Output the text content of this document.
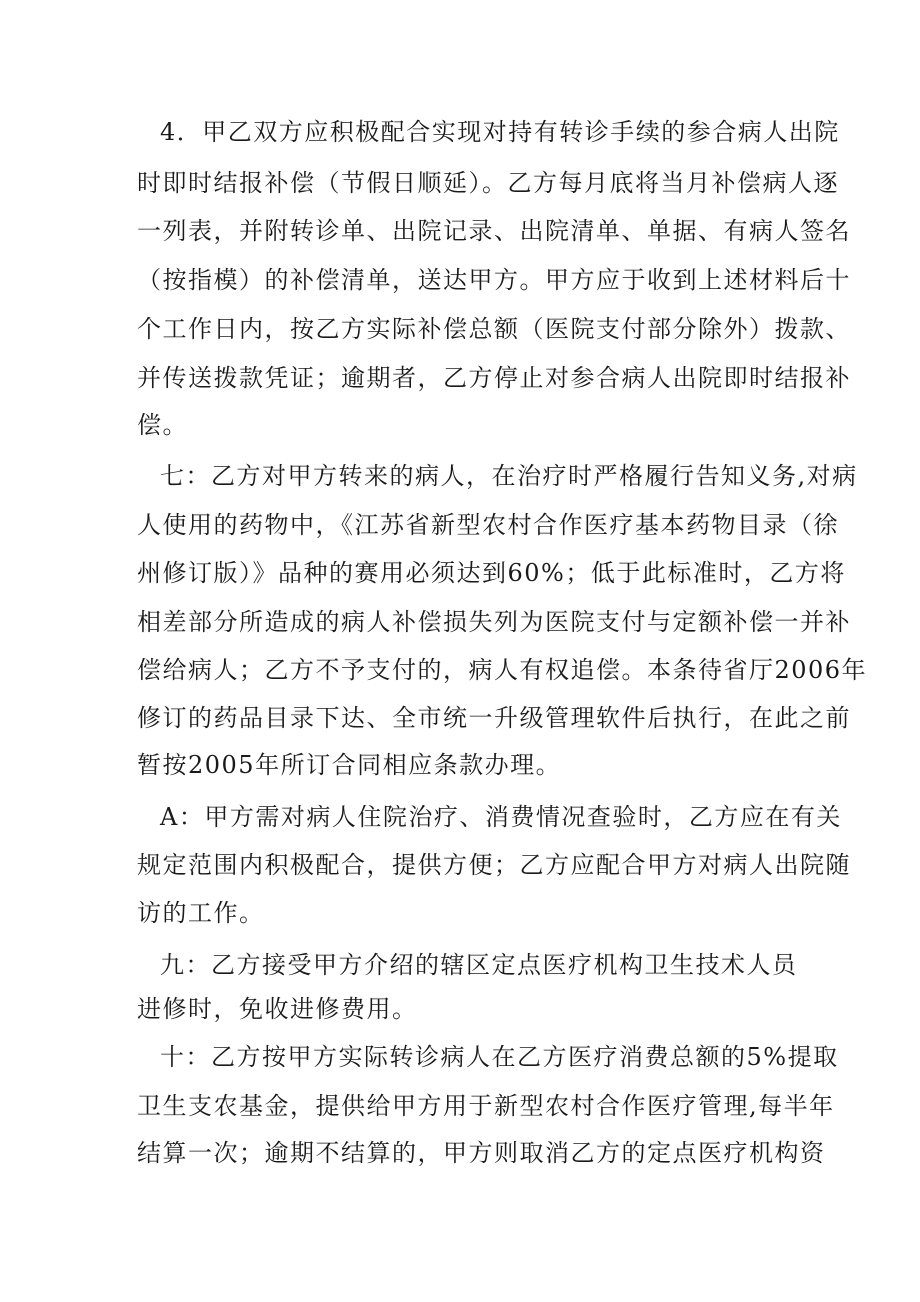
4．甲乙双方应积极配合实现对持有转诊手续的参合病人出院
时即时结报补偿（节假日顺延）。乙方每月底将当月补偿病人逐
一列表，并附转诊单、出院记录、出院清单、单据、有病人签名
（按指模）的补偿清单，送达甲方。甲方应于收到上述材料后十
个工作日内，按乙方实际补偿总额（医院支付部分除外）拨款、
并传送拨款凭证；逾期者，乙方停止对参合病人出院即时结报补
偿。
七：乙方对甲方转来的病人，在治疗时严格履行告知义务,对病
人使用的药物中，《江苏省新型农村合作医疗基本药物目录（徐
州修订版）》品种的赛用必须达到60%；低于此标准时，乙方将
相差部分所造成的病人补偿损失列为医院支付与定额补偿一并补
偿给病人；乙方不予支付的，病人有权追偿。本条待省厅2006年
修订的药品目录下达、全市统一升级管理软件后执行，在此之前
暂按2005年所订合同相应条款办理。
A：甲方需对病人住院治疗、消费情况查验时，乙方应在有关
规定范围内积极配合，提供方便；乙方应配合甲方对病人出院随
访的工作。
九：乙方接受甲方介绍的辖区定点医疗机构卫生技术人员
进修时，免收进修费用。
十：乙方按甲方实际转诊病人在乙方医疗消费总额的5%提取
卫生支农基金，提供给甲方用于新型农村合作医疗管理,每半年
结算一次；逾期不结算的，甲方则取消乙方的定点医疗机构资
